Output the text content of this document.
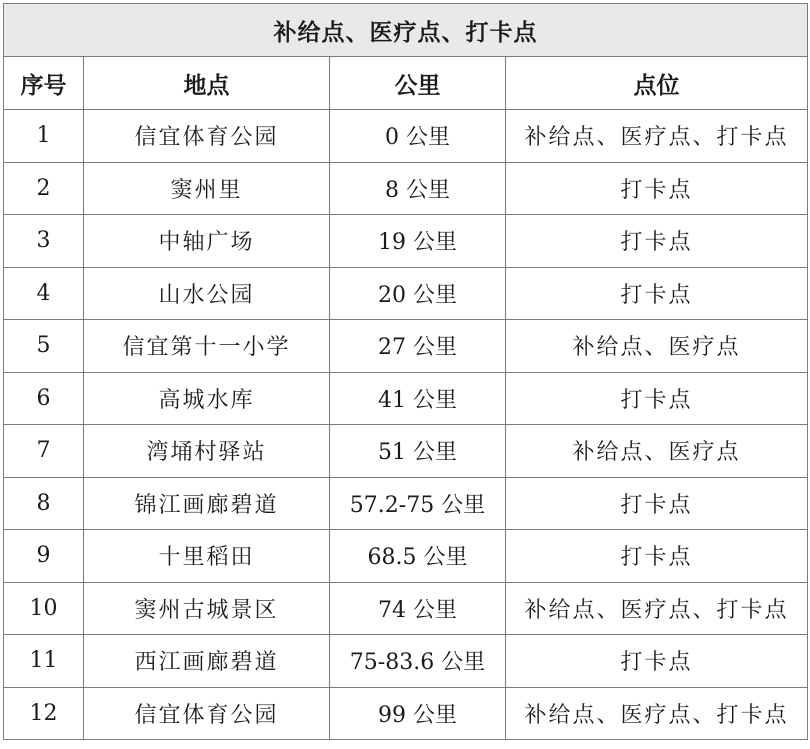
补给点、医疗点、打卡点			
序号	地点	公里	点位
1	信宜体育公园	0 公里	补给点、医疗点、打卡点
2	窦州里	8 公里	打卡点
3	中轴广场	19 公里	打卡点
4	山水公园	20 公里	打卡点
5	信宜第十一小学	27 公里	补给点、医疗点
6	高城水库	41 公里	打卡点
7	湾埇村驿站	51 公里	补给点、医疗点
8	锦江画廊碧道	57.2-75 公里	打卡点
9	十里稻田	68.5 公里	打卡点
10	窦州古城景区	74 公里	补给点、医疗点、打卡点
11	西江画廊碧道	75-83.6 公里	打卡点
12	信宜体育公园	99 公里	补给点、医疗点、打卡点
